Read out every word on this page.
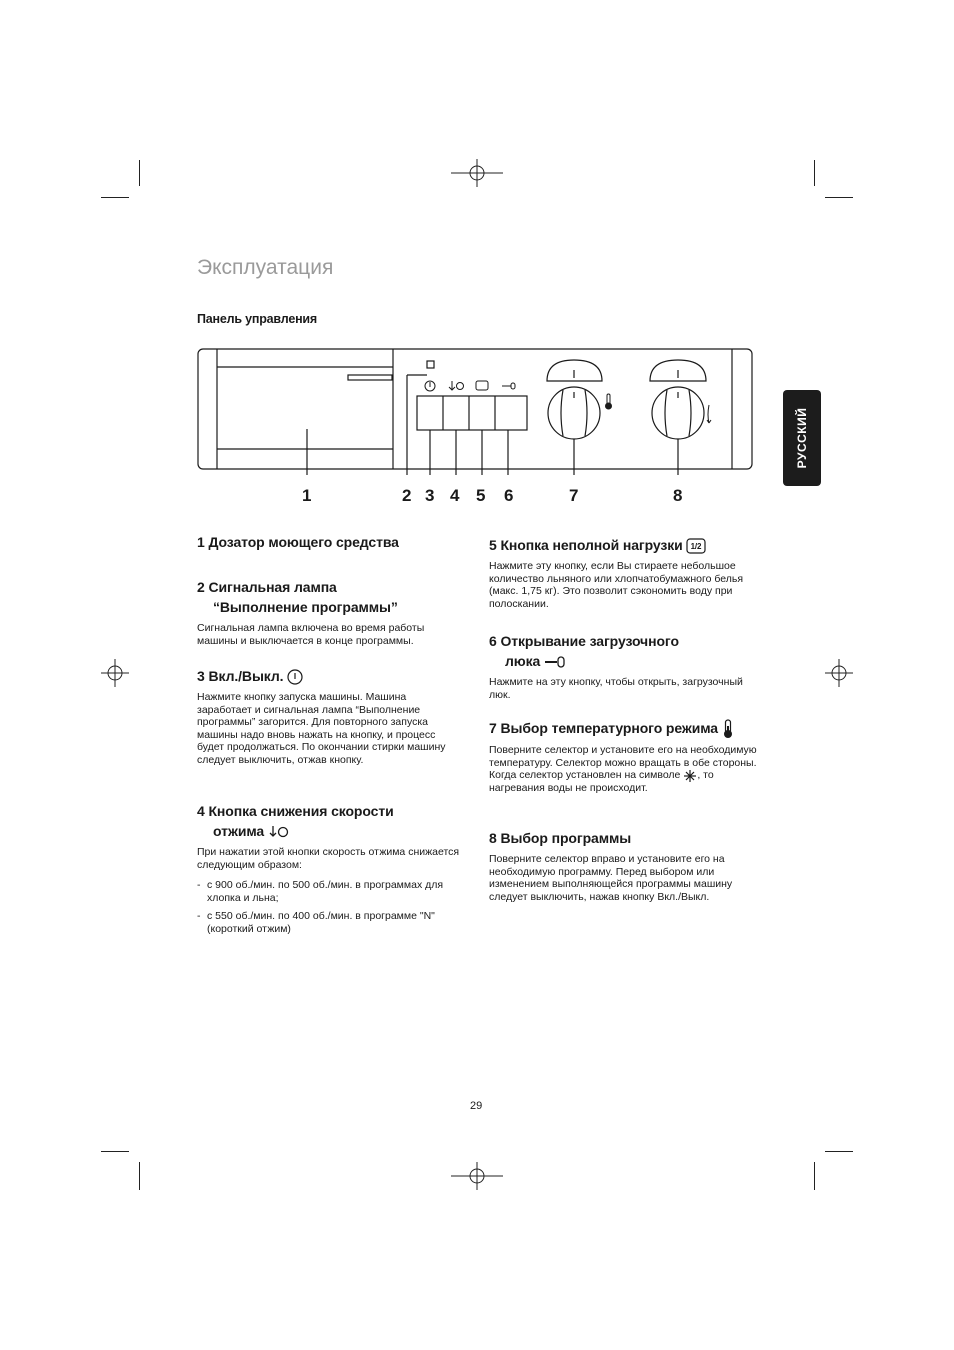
Эксплуатация
Панель управления
РУССКИЙ
1	2 3 4 5 6	7	8
1 Дозатор моющего средства
2 Сигнальная лампа
“Выполнение программы”

Сигнальная лампа включена во время работы машины и выключается в конце программы.

3 Вкл./Выкл.

Нажмите кнопку запуска машины. Машина заработает и сигнальная лампа “Выполнение программы” загорится. Для повторного запуска машины надо вновь нажать на кнопку, и процесс будет продолжаться. По окончании стирки машину следует выключить, отжав кнопку.

4 Кнопка снижения скорости
отжима

При нажатии этой кнопки скорость отжима снижается следующим образом:

- с 900 об./мин. по 500 об./мин. в программах для хлопка и льна;
- с 550 об./мин. по 400 об./мин. в программе "N" (короткий отжим)
5 Кнопка неполной нагрузки 1/2

Нажмите эту кнопку, если Вы стираете небольшое количество льняного или хлопчатобумажного белья (макс. 1,75 кг). Это позволит сэкономить воду при полоскании.

6 Открывание загрузочного
люка

Нажмите на эту кнопку, чтобы открыть, загрузочный люк.

7 Выбор температурного режима

Поверните селектор и установите его на необходимую температуру. Селектор можно вращать в обе стороны. Когда селектор установлен на символе , то нагревания воды не происходит.

8 Выбор программы

Поверните селектор вправо и установите его на необходимую программу. Перед выбором или изменением выполняющейся программы машину следует выключить, нажав кнопку Вкл./Выкл.

29
